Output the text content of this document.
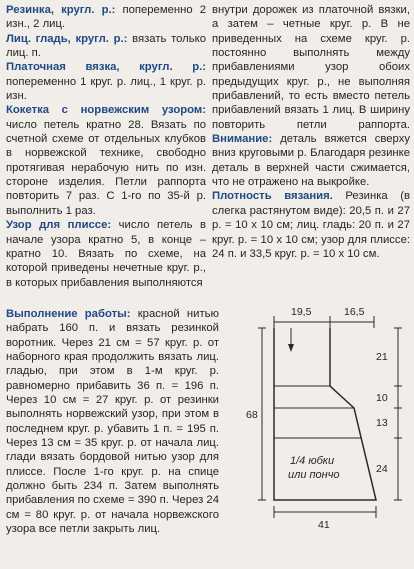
Резинка, кругл. р.: попеременно 2 изн., 2 лиц.

Лиц. гладь, кругл. р.: вязать только лиц. п.

Платочная вязка, кругл. р.: попеременно 1 круг. р. лиц., 1 круг. р. изн.

Кокетка с норвежским узором: число петель кратно 28. Вязать по счетной схеме от отдельных клубков в норвежской технике, свободно протягивая нерабочую нить по изн. стороне изделия. Петли раппорта повторить 7 раз. С 1-го по 35-й р. выполнить 1 раз.

Узор для плиссе: число петель в начале узора кратно 5, в конце – кратно 10. Вязать по схеме, на которой приведены нечетные круг. р., в которых прибавления выполняются

внутри дорожек из платочной вязки, а затем – четные круг. р. В не приведенных на схеме круг. р. постоянно выполнять между прибавлениями узор обоих предыдущих круг. р., не выполняя прибавлений, то есть вместо петель прибавлений вязать 1 лиц. В ширину повторить петли раппорта. Внимание: деталь вяжется сверху вниз круговыми р. Благодаря резинке деталь в верхней части сжимается, что не отражено на выкройке.

Плотность вязания. Резинка (в слегка растянутом виде): 20,5 п. и 27 р. = 10 х 10 см; лиц. гладь: 20 п. и 27 круг. р. = 10 х 10 см; узор для плиссе: 24 п. и 33,5 круг. р. = 10 х 10 см.

Выполнение работы: красной нитью набрать 160 п. и вязать резинкой воротник. Через 21 см = 57 круг. р. от наборного края продолжить вязать лиц. гладью, при этом в 1-м круг. р. равномерно прибавить 36 п. = 196 п. Через 10 см = 27 круг. р. от резинки выполнять норвежский узор, при этом в последнем круг. р. убавить 1 п. = 195 п. Через 13 см = 35 круг. р. от начала лиц. глади вязать бордовой нитью узор для плиссе. После 1-го круг. р. на спице должно быть 234 п. Затем выполнять прибавления по схеме = 390 п. Через 24 см = 80 круг. р. от начала норвежского узора все петли закрыть лиц.

19,5	16,5
68
21
10
13
24
1/4 юбки
или пончо
41
